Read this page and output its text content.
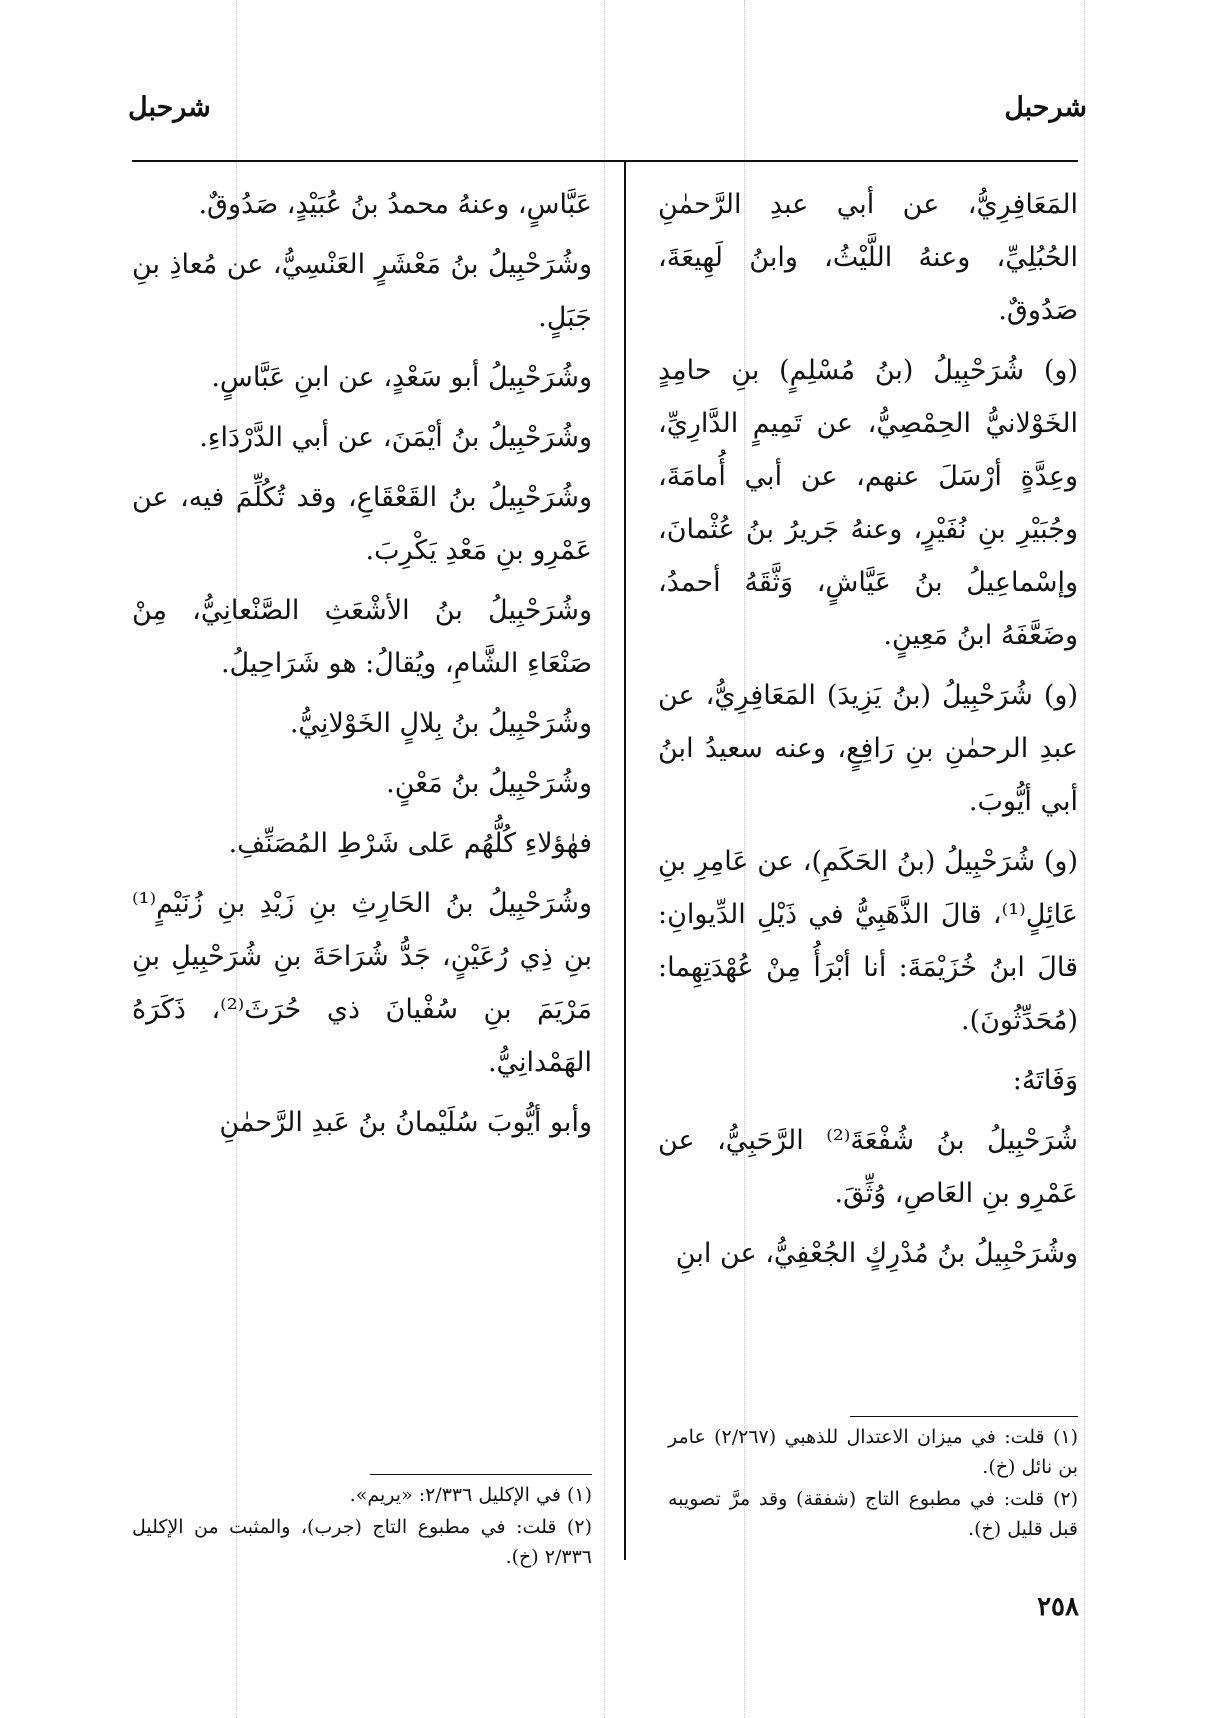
شرحبل
شرحبل

المَعَافِرِيُّ، عن أبي عبدِ الرَّحمٰنِ الحُبُلِيِّ، وعنهُ اللَّيْثُ، وابنُ لَهِيعَةَ، صَدُوقٌ.

(و) شُرَحْبِيلُ (بنُ مُسْلِمٍ) بنِ حامِدٍ الخَوْلانيُّ الحِمْصِيُّ، عن تَمِيمٍ الدَّارِيِّ، وعِدَّةٍ أرْسَلَ عنهم، عن أبي أُمامَةَ، وجُبَيْرِ بنِ نُفَيْرٍ، وعنهُ جَريرُ بنُ عُثْمانَ، وإسْماعِيلُ بنُ عَيَّاشٍ، وَثَّقَهُ أحمدُ، وضَعَّفَهُ ابنُ مَعِينٍ.

(و) شُرَحْبِيلُ (بنُ يَزِيدَ) المَعَافِرِيُّ، عن عبدِ الرحمٰنِ بنِ رَافِعٍ، وعنه سعيدُ ابنُ أبي أيُّوبَ.

(و) شُرَحْبِيلُ (بنُ الحَكَمِ)، عن عَامِرِ بنِ عَائِلٍ⁽¹⁾، قالَ الذَّهَبِيُّ في ذَيْلِ الدِّيوانِ: قالَ ابنُ خُزَيْمَةَ: أنا أبْرَأُ مِنْ عُهْدَتِهِما: (مُحَدِّثُونَ).

وَفَاتَهُ:

شُرَحْبِيلُ بنُ شُفْعَةَ⁽²⁾ الرَّحَبِيُّ، عن عَمْرِو بنِ العَاصِ، وُثِّقَ.

وشُرَحْبِيلُ بنُ مُدْرِكٍ الجُعْفِيُّ، عن ابنِ

عَبَّاسٍ، وعنهُ محمدُ بنُ عُبَيْدٍ، صَدُوقٌ.

وشُرَحْبِيلُ بنُ مَعْشَرٍ العَنْسِيُّ، عن مُعاذِ بنِ جَبَلٍ.

وشُرَحْبِيلُ أبو سَعْدٍ، عن ابنِ عَبَّاسٍ.

وشُرَحْبِيلُ بنُ أيْمَنَ، عن أبي الدَّرْدَاءِ.

وشُرَحْبِيلُ بنُ القَعْقَاعِ، وقد تُكُلِّمَ فيه، عن عَمْرِو بنِ مَعْدِ يَكْرِبَ.

وشُرَحْبِيلُ بنُ الأشْعَثِ الصَّنْعانِيُّ، مِنْ صَنْعَاءِ الشَّامِ، ويُقالُ: هو شَرَاحِيلُ.

وشُرَحْبِيلُ بنُ بِلالٍ الخَوْلانِيُّ.

وشُرَحْبِيلُ بنُ مَعْنٍ.

فهٰؤلاءِ كُلُّهُم عَلى شَرْطِ المُصَنِّفِ.

وشُرَحْبِيلُ بنُ الحَارِثِ بنِ زَيْدِ بنِ زُنَيْمٍ⁽¹⁾ بنِ ذِي رُعَيْنٍ، جَدُّ شُرَاحَةَ بنِ شُرَحْبِيلِ بنِ مَرْيَمَ بنِ سُفْيانَ ذي حُرَثَ⁽²⁾، ذَكَرَهُ الهَمْدانِيُّ.

وأبو أيُّوبَ سُلَيْمانُ بنُ عَبدِ الرَّحمٰنِ

(١) قلت: في ميزان الاعتدال للذهبي (٢/٢٦٧) عامر بن نائل (خ).

(٢) قلت: في مطبوع التاج (شفقة) وقد مرَّ تصويبه قبل قليل (خ).

(١) في الإكليل ٢/٣٣٦: «يريم».

(٢) قلت: في مطبوع التاج (جرب)، والمثبت من الإكليل ٢/٣٣٦ (خ).

٢٥٨
